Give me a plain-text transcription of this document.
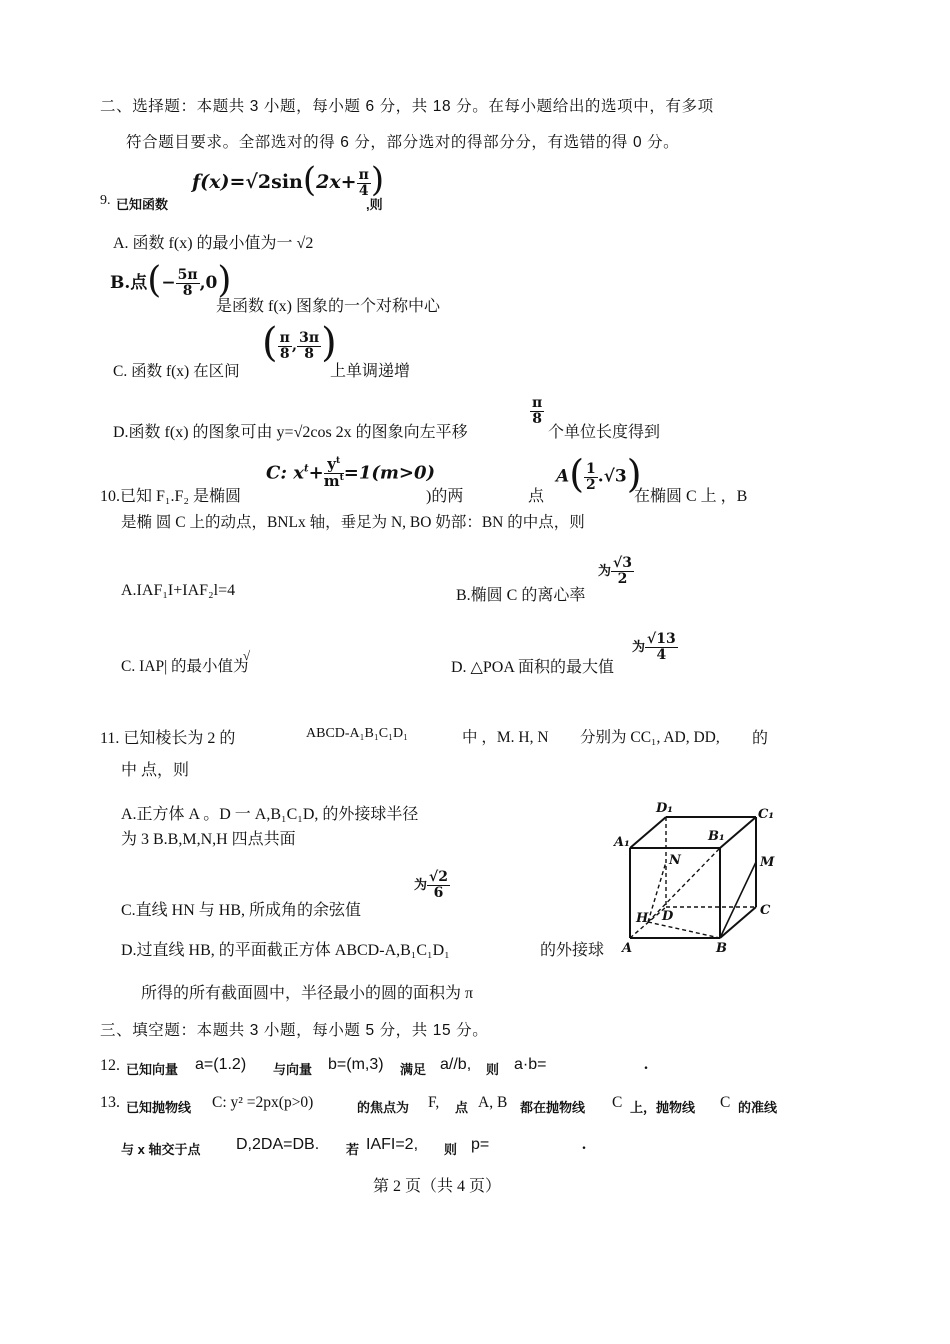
二、选择题：本题共 3 小题，每小题 6 分，共 18 分。在每小题给出的选项中，有多项
符合题目要求。全部选对的得 6 分，部分选对的得部分分，有选错的得 0 分。
9. 已知函数
$f(x)=√2\sin(2x+ \frac{\pi}{4}$ )
,则
A. 函数 f(x) 的最小值为一 √2
B.点(− $\frac{5\pi}{8} ,0$)
是函数 f(x) 图象的一个对称中心
C. 函数 f(x) 在区间
( $\frac{\pi}{8}$ , $\frac{3\pi}{8}$ )
上单调递增
D.函数 f(x) 的图象可由 y=√2cos 2x 的图象向左平移
$\frac{\pi}{8}$
个单位长度得到
10.已知 F₁.F₂ 是椭圆
C: $x^t+ \frac{y^t}{m^t} =1(m>0)$
)的两	点
$A( \frac{1}{2} .√3)$
在椭圆 C 上 ，B
是椭 圆 C 上的动点，BNLx 轴，垂足为 N, BO 奶部：BN 的中点，则
A.IAF₁I+IAF₂l=4	B.椭圆 C 的离心率
为 $\frac{√3}{2}$
C. IAP| 的最小值为
√
D. △POA 面积的最大值
为 $\frac{√13}{4}$
11. 已知棱长为 2 的	ABCD-A₁B₁C₁D₁	中 ，M. H, N 分别为 CC₁, AD, DD, 的
中 点，则
A.正方体 A 。D 一 A,B₁C₁D, 的外接球半径
为 3 B.B,M,N,H 四点共面
C.直线 HN 与 HB, 所成角的余弦值
为 $\frac{√2}{6}$
D.过直线 HB, 的平面截正方体 ABCD-A,B₁C₁D₁	的外接球
所得的所有截面圆中，半径最小的圆的面积为 π
D₁	C₁
A₁	B₁
N	M
C
H D
A	B
三、填空题：本题共 3 小题，每小题 5 分，共 15 分。
12. 已知向量 a=(1.2) 与向量 b=(m,3) 满足 a//b, 则 a·b=	.
13. 已知抛物线 C: y² =2px(p>0)	的焦点为 F, 点 A, B 都在抛物线 C 上，抛物线 C 的准线
与 x 轴交于点 D,2DA=DB. 若 IAFI=2, 则 p=	.
第 2 页（共 4 页）
